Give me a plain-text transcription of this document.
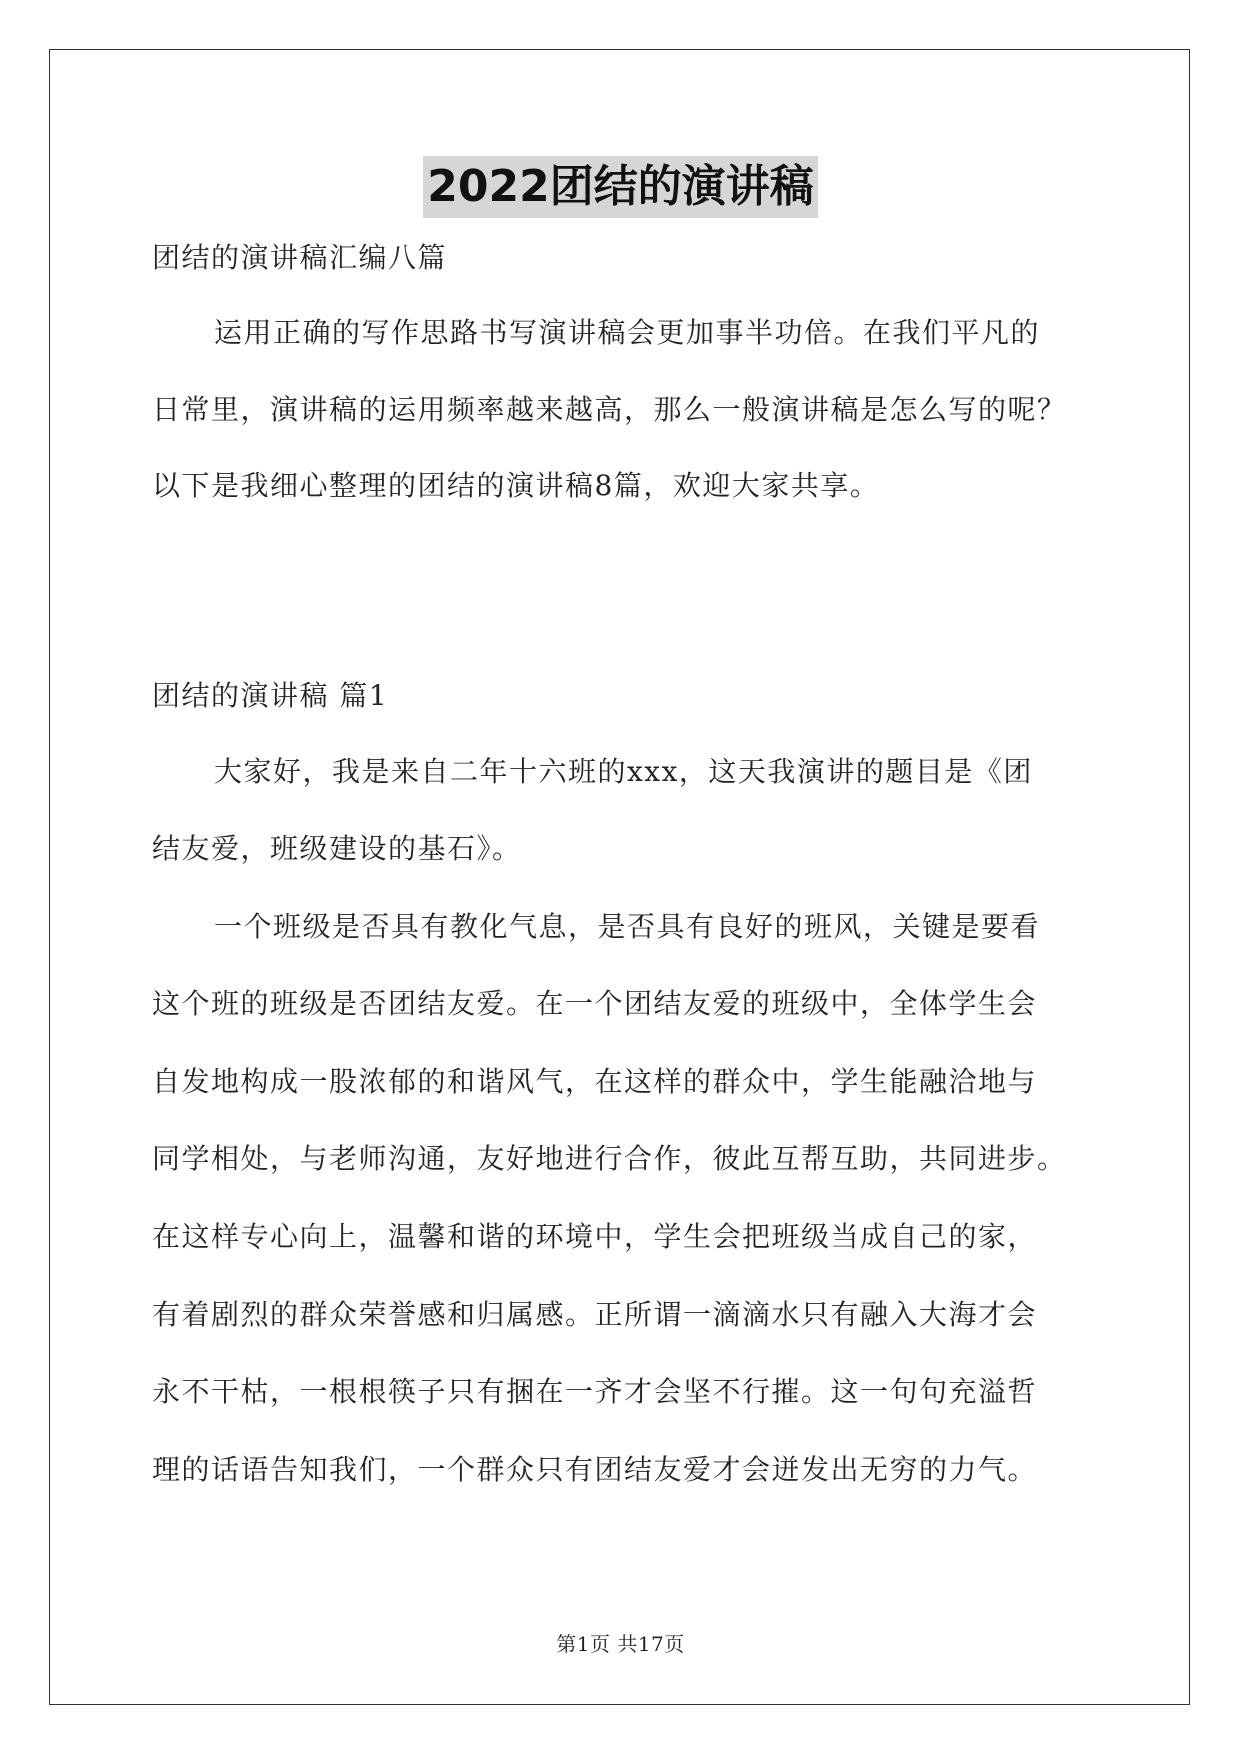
2022团结的演讲稿
团结的演讲稿汇编八篇
运用正确的写作思路书写演讲稿会更加事半功倍。在我们平凡的
日常里，演讲稿的运用频率越来越高，那么一般演讲稿是怎么写的呢？
以下是我细心整理的团结的演讲稿8篇，欢迎大家共享。
团结的演讲稿 篇1
大家好，我是来自二年十六班的xxx，这天我演讲的题目是《团
结友爱，班级建设的基石》。
一个班级是否具有教化气息，是否具有良好的班风，关键是要看
这个班的班级是否团结友爱。在一个团结友爱的班级中，全体学生会
自发地构成一股浓郁的和谐风气，在这样的群众中，学生能融洽地与
同学相处，与老师沟通，友好地进行合作，彼此互帮互助，共同进步。
在这样专心向上，温馨和谐的环境中，学生会把班级当成自己的家，
有着剧烈的群众荣誉感和归属感。正所谓一滴滴水只有融入大海才会
永不干枯，一根根筷子只有捆在一齐才会坚不行摧。这一句句充溢哲
理的话语告知我们，一个群众只有团结友爱才会迸发出无穷的力气。
第1页 共17页
